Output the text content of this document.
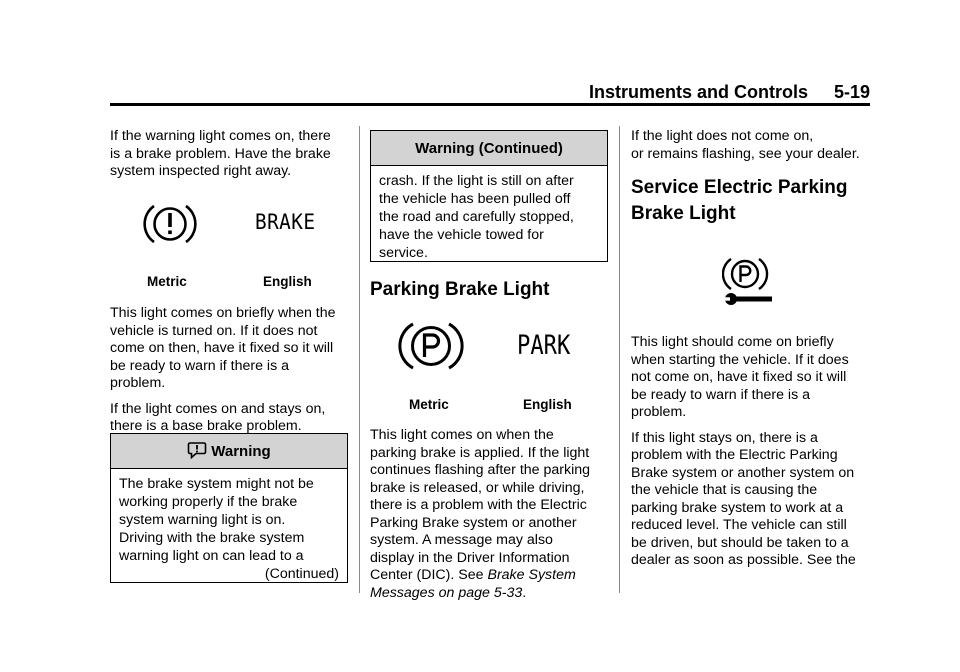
Instruments and Controls 5-19

If the warning light comes on, there
is a brake problem. Have the brake
system inspected right away.

BRAKE
Metric	English

This light comes on briefly when the
vehicle is turned on. If it does not
come on then, have it fixed so it will
be ready to warn if there is a
problem.

If the light comes on and stays on,
there is a base brake problem.

Warning
The brake system might not be
working properly if the brake
system warning light is on.
Driving with the brake system
warning light on can lead to a
(Continued)
Warning (Continued)
crash. If the light is still on after
the vehicle has been pulled off
the road and carefully stopped,
have the vehicle towed for
service.
Parking Brake Light
PARK
Metric	English

This light comes on when the
parking brake is applied. If the light
continues flashing after the parking
brake is released, or while driving,
there is a problem with the Electric
Parking Brake system or another
system. A message may also
display in the Driver Information
Center (DIC). See Brake System
Messages on page 5-33.

If the light does not come on,
or remains flashing, see your dealer.

Service Electric Parking
Brake Light

This light should come on briefly
when starting the vehicle. If it does
not come on, have it fixed so it will
be ready to warn if there is a
problem.

If this light stays on, there is a
problem with the Electric Parking
Brake system or another system on
the vehicle that is causing the
parking brake system to work at a
reduced level. The vehicle can still
be driven, but should be taken to a
dealer as soon as possible. See the
